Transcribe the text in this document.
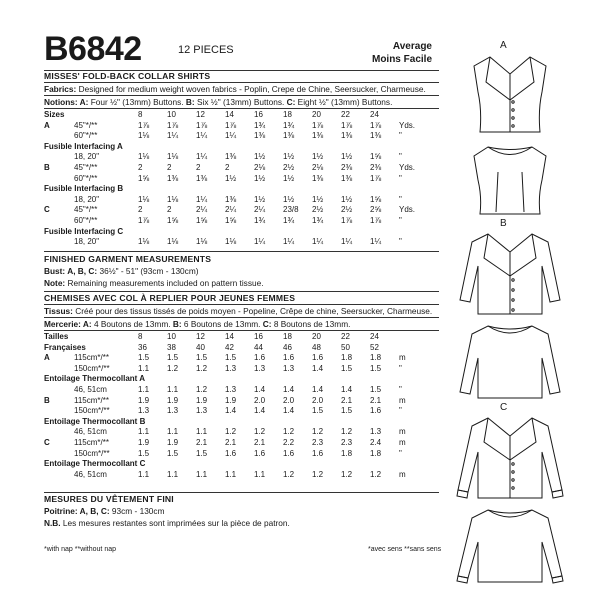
B6842	12 PIECES	Average
Moins Facile
MISSES' FOLD-BACK COLLAR SHIRTS
Fabrics: Designed for medium weight woven fabrics - Poplin, Crepe de Chine, Seersucker, Charmeuse.
Notions: A: Four ½" (13mm) Buttons. B: Six ½" (13mm) Buttons. C: Eight ½" (13mm) Buttons.
Sizes	8	10	12	14	16	18	20	22	24	
A 45"*/**	1⅞	1⅞	1⅞	1⅞	1¾	1¾	1⅞	1⅞	1⅞	Yds.
60"*/**	1⅛	1¼	1¼	1¼	1⅜	1⅜	1⅜	1⅜	1⅜	"
Fusible Interfacing A										
18, 20"	1⅛	1⅛	1¼	1⅜	1½	1½	1½	1½	1⅝	"
B 45"*/**	2	2	2	2	2⅛	2½	2⅛	2⅜	2⅜	Yds.
60"*/**	1⅝	1⅜	1⅜	1½	1½	1½	1⅜	1⅜	1⅞	"
Fusible Interfacing B										
18, 20"	1⅛	1⅛	1¼	1⅜	1½	1½	1½	1½	1⅝	"
C 45"*/**	2	2	2¼	2¼	2¼	23/8	2½	2½	2⅝	Yds.
60"*/**	1⅞	1⅝	1⅝	1⅝	1¾	1¾	1¾	1⅞	1⅞	"
Fusible Interfacing C										
18, 20"	1⅛	1⅛	1⅛	1⅛	1¼	1¼	1¼	1¼	1¼	"
FINISHED GARMENT MEASUREMENTS
Bust: A, B, C: 36½" - 51" (93cm - 130cm)
Note: Remaining measurements included on pattern tissue.
CHEMISES AVEC COL À REPLIER POUR JEUNES FEMMES
Tissus: Créé pour des tissus tissés de poids moyen - Popeline, Crêpe de chine, Seersucker, Charmeuse.
Mercerie: A: 4 Boutons de 13mm. B: 6 Boutons de 13mm. C: 8 Boutons de 13mm.
Tailles	8	10	12	14	16	18	20	22	24	
Françaises	36	38	40	42	44	46	48	50	52	
A 115cm*/**	1.5	1.5	1.5	1.5	1.6	1.6	1.6	1.8	1.8	m
150cm*/**	1.1	1.2	1.2	1.3	1.3	1.3	1.4	1.5	1.5	"
Entoilage Thermocollant A										
46, 51cm	1.1	1.1	1.2	1.3	1.4	1.4	1.4	1.4	1.5	"
B 115cm*/**	1.9	1.9	1.9	1.9	2.0	2.0	2.0	2.1	2.1	m
150cm*/**	1.3	1.3	1.3	1.4	1.4	1.4	1.5	1.5	1.6	"
Entoilage Thermocollant B										
46, 51cm	1.1	1.1	1.1	1.2	1.2	1.2	1.2	1.2	1.3	m
C 115cm*/**	1.9	1.9	2.1	2.1	2.1	2.2	2.3	2.3	2.4	m
150cm*/**	1.5	1.5	1.5	1.6	1.6	1.6	1.6	1.8	1.8	"
Entoilage Thermocollant C										
46, 51cm	1.1	1.1	1.1	1.1	1.1	1.2	1.2	1.2	1.2	m
MESURES DU VÊTEMENT FINI
Poitrine: A, B, C: 93cm - 130cm
N.B. Les mesures restantes sont imprimées sur la pièce de patron.
*with nap **without nap	*avec sens **sans sens
A
B
C
